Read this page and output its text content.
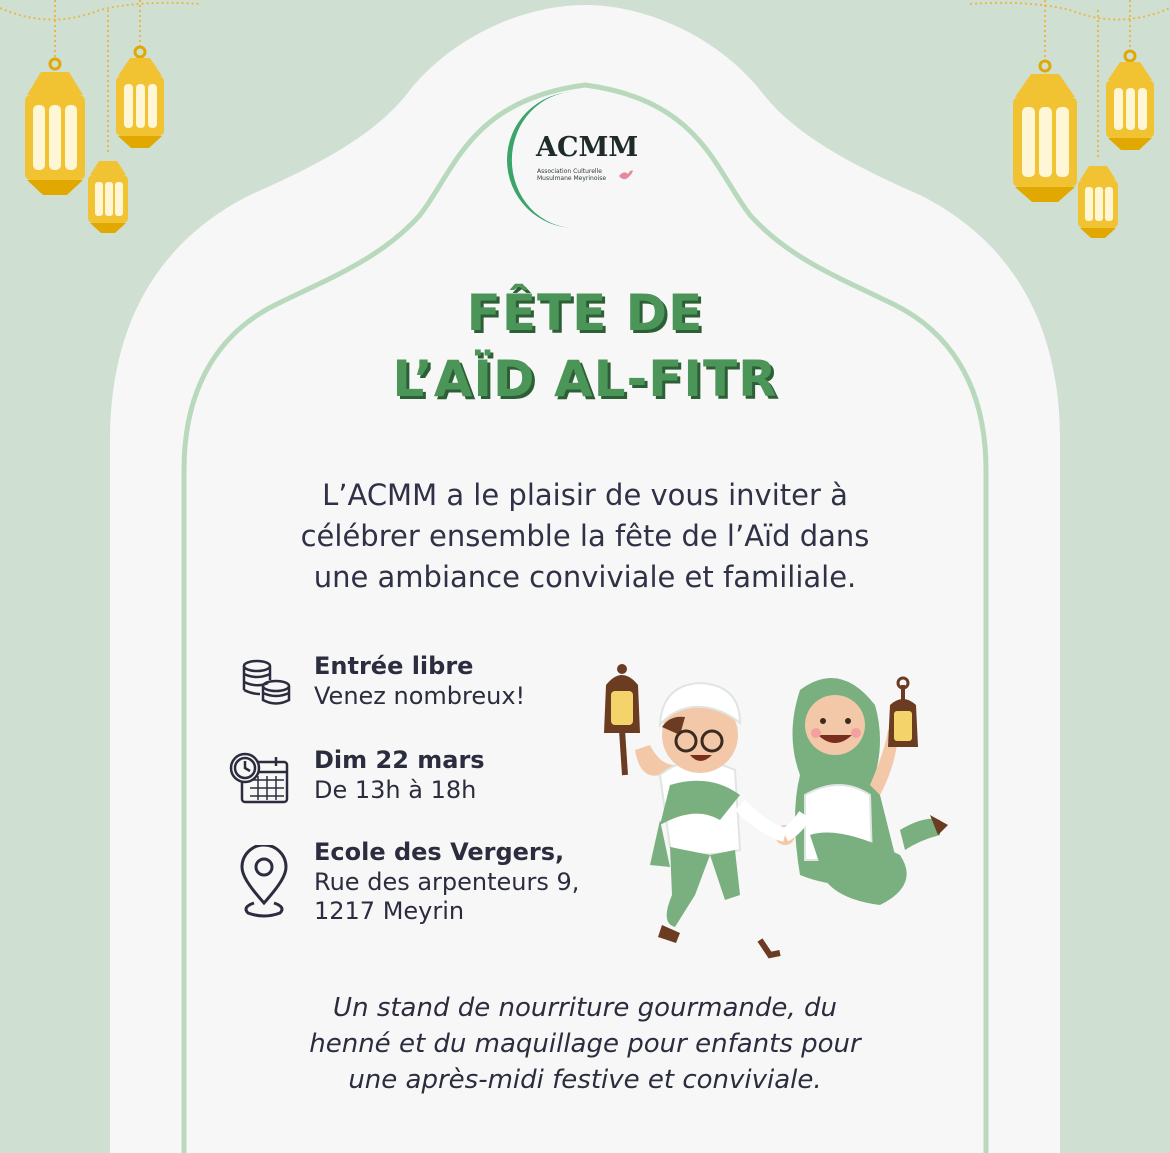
ACMM
Association Culturelle
Musulmane Meyrinoise
FÊTE DE
L’AÏD AL-FITR
L’ACMM a le plaisir de vous inviter à
célébrer ensemble la fête de l’Aïd dans
une ambiance conviviale et familiale.
Entrée libre
Venez nombreux!
Dim 22 mars
De 13h à 18h
Ecole des Vergers,
Rue des arpenteurs 9,
1217 Meyrin
Un stand de nourriture gourmande, du
henné et du maquillage pour enfants pour
une après-midi festive et conviviale.
